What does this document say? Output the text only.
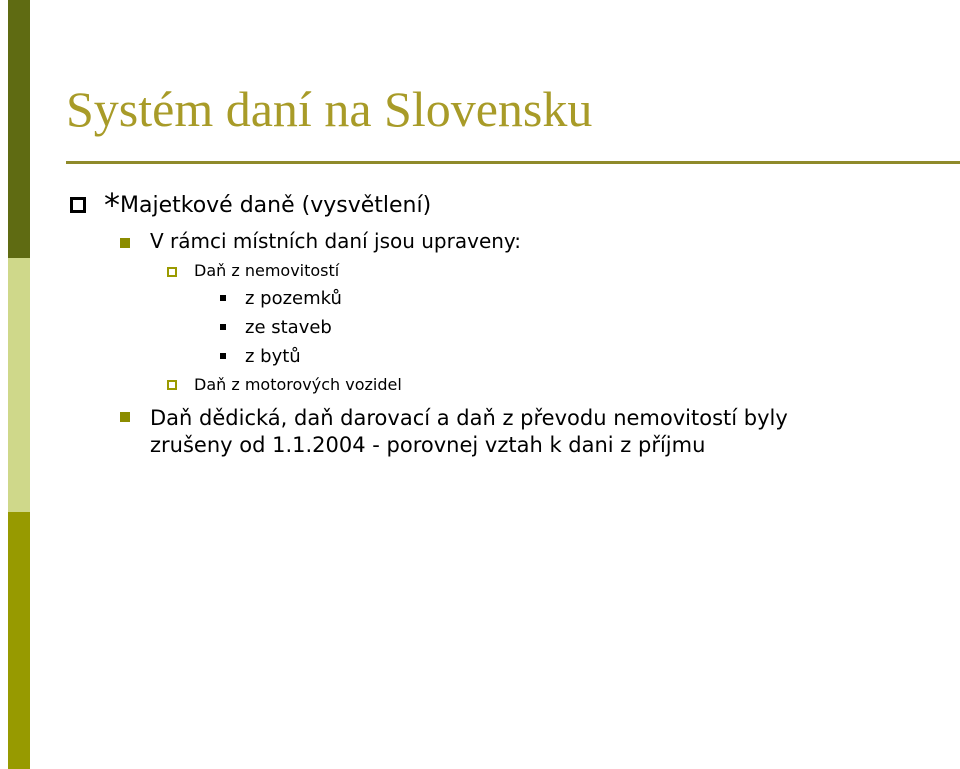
Systém daní na Slovensku
*Majetkové daně (vysvětlení)
V rámci místních daní jsou upraveny:
Daň z nemovitostí
z pozemků
ze staveb
z bytů
Daň z motorových vozidel
Daň dědická, daň darovací a daň z převodu nemovitostí byly
zrušeny od 1.1.2004 - porovnej vztah k dani z příjmu
